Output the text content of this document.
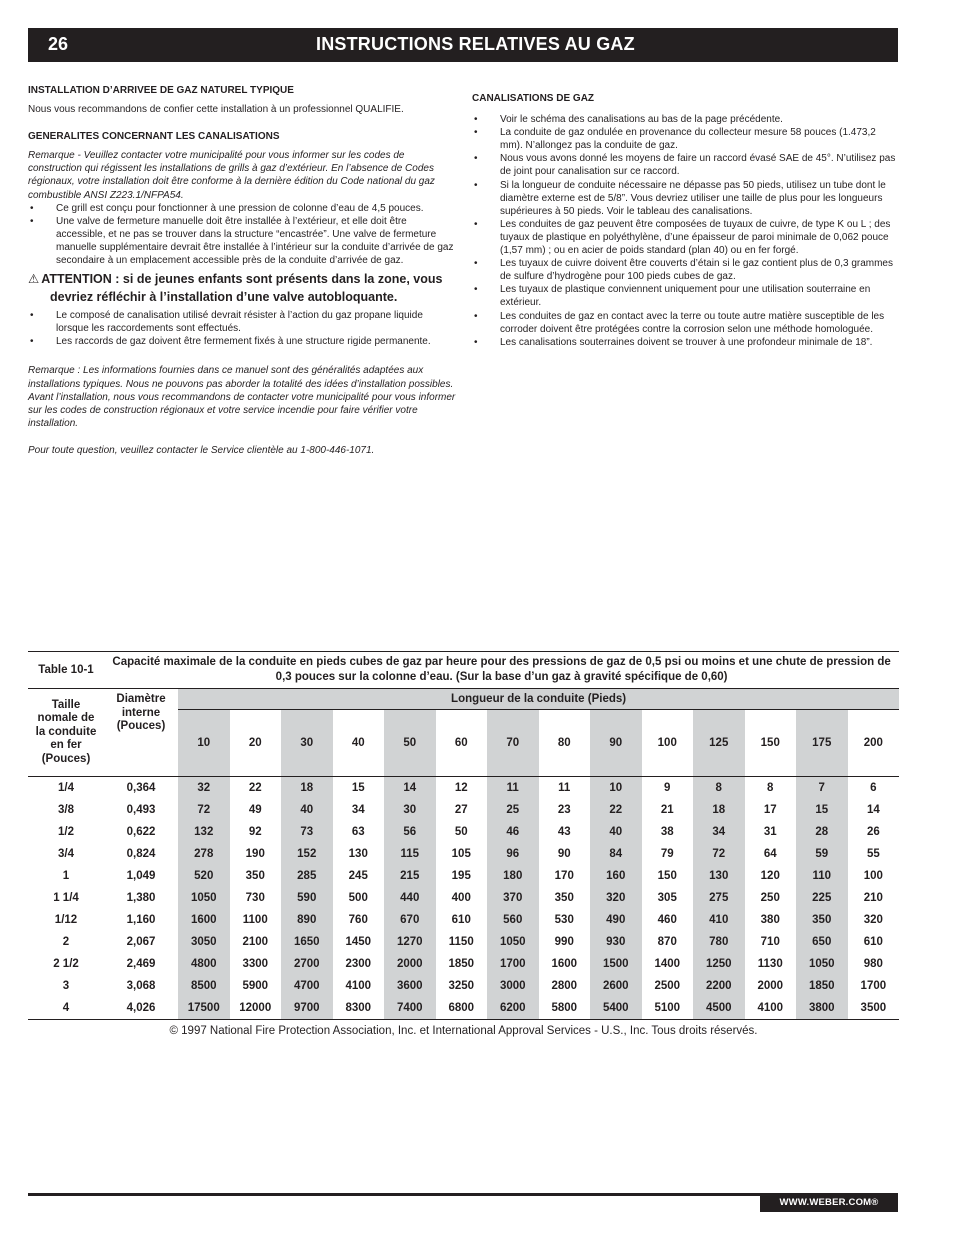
26	INSTRUCTIONS RELATIVES AU GAZ
INSTALLATION D’ARRIVEE DE GAZ NATUREL TYPIQUE
Nous vous recommandons de confier cette installation à un professionnel QUALIFIE.
GENERALITES CONCERNANT LES CANALISATIONS
Remarque - Veuillez contacter votre municipalité pour vous informer sur les codes de construction qui régissent les installations de grills à gaz d’extérieur. En l’absence de Codes régionaux, votre installation doit être conforme à la dernière édition du Code national du gaz combustible ANSI Z223.1/NFPA54.
• Ce grill est conçu pour fonctionner à une pression de colonne d’eau de 4,5 pouces.
• Une valve de fermeture manuelle doit être installée à l’extérieur, et elle doit être accessible, et ne pas se trouver dans la structure “encastrée”. Une valve de fermeture manuelle supplémentaire devrait être installée à l’intérieur sur la conduite d’arrivée de gaz secondaire à un emplacement accessible près de la conduite d’arrivée de gaz.
⚠ ATTENTION : si de jeunes enfants sont présents dans la zone, vous
devriez réfléchir à l’installation d’une valve autobloquante.
• Le composé de canalisation utilisé devrait résister à l’action du gaz propane liquide lorsque les raccordements sont effectués.
• Les raccords de gaz doivent être fermement fixés à une structure rigide permanente.
Remarque : Les informations fournies dans ce manuel sont des généralités adaptées aux installations typiques. Nous ne pouvons pas aborder la totalité des idées d’installation possibles. Avant l’installation, nous vous recommandons de contacter votre municipalité pour vous informer sur les codes de construction régionaux et votre service incendie pour faire vérifier votre installation.
Pour toute question, veuillez contacter le Service clientèle au 1-800-446-1071.
CANALISATIONS DE GAZ
• Voir le schéma des canalisations au bas de la page précédente.
• La conduite de gaz ondulée en provenance du collecteur mesure 58 pouces (1.473,2 mm). N’allongez pas la conduite de gaz.
• Nous vous avons donné les moyens de faire un raccord évasé SAE de 45°. N’utilisez pas de joint pour canalisation sur ce raccord.
• Si la longueur de conduite nécessaire ne dépasse pas 50 pieds, utilisez un tube dont le diamètre externe est de 5/8”. Vous devriez utiliser une taille de plus pour les longueurs supérieures à 50 pieds. Voir le tableau des canalisations.
• Les conduites de gaz peuvent être composées de tuyaux de cuivre, de type K ou L ; des tuyaux de plastique en polyéthylène, d’une épaisseur de paroi minimale de 0,062 pouce (1,57 mm) ; ou en acier de poids standard (plan 40) ou en fer forgé.
• Les tuyaux de cuivre doivent être couverts d’étain si le gaz contient plus de 0,3 grammes de sulfure d’hydrogène pour 100 pieds cubes de gaz.
• Les tuyaux de plastique conviennent uniquement pour une utilisation souterraine en extérieur.
• Les conduites de gaz en contact avec la terre ou toute autre matière susceptible de les corroder doivent être protégées contre la corrosion selon une méthode homologuée.
• Les canalisations souterraines doivent se trouver à une profondeur minimale de 18”.
Table 10-1	Capacité maximale de la conduite en pieds cubes de gaz par heure pour des pressions de gaz de 0,5 psi ou moins et une chute de pression de 0,3 pouces sur la colonne d’eau. (Sur la base d’un gaz à gravité spécifique de 0,60)														
Taille nomale de la conduite en fer (Pouces)	Diamètre interne (Pouces)	Longueur de la conduite (Pieds)													
		10	20	30	40	50	60	70	80	90	100	125	150	175	200
1/4	0,364	32	22	18	15	14	12	11	11	10	9	8	8	7	6
3/8	0,493	72	49	40	34	30	27	25	23	22	21	18	17	15	14
1/2	0,622	132	92	73	63	56	50	46	43	40	38	34	31	28	26
3/4	0,824	278	190	152	130	115	105	96	90	84	79	72	64	59	55
1	1,049	520	350	285	245	215	195	180	170	160	150	130	120	110	100
1 1/4	1,380	1050	730	590	500	440	400	370	350	320	305	275	250	225	210
1/12	1,160	1600	1100	890	760	670	610	560	530	490	460	410	380	350	320
2	2,067	3050	2100	1650	1450	1270	1150	1050	990	930	870	780	710	650	610
2 1/2	2,469	4800	3300	2700	2300	2000	1850	1700	1600	1500	1400	1250	1130	1050	980
3	3,068	8500	5900	4700	4100	3600	3250	3000	2800	2600	2500	2200	2000	1850	1700
4	4,026	17500	12000	9700	8300	7400	6800	6200	5800	5400	5100	4500	4100	3800	3500
© 1997 National Fire Protection Association, Inc. et International Approval Services - U.S., Inc. Tous droits réservés.
WWW.WEBER.COM®
